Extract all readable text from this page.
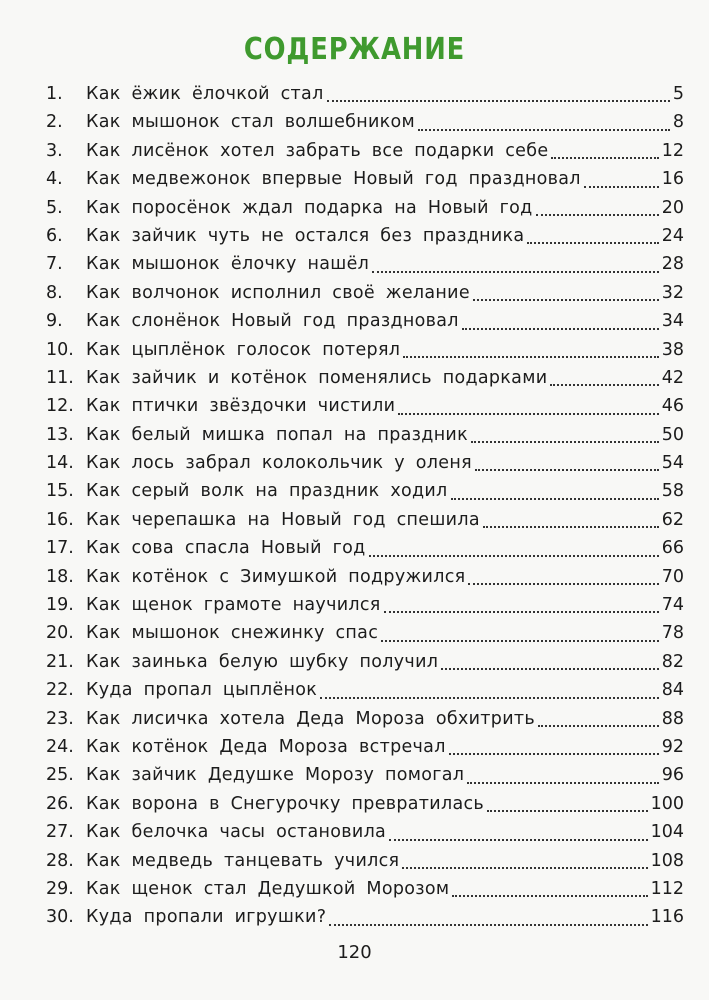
СОДЕРЖАНИЕ
1.	Как ёжик ёлочкой стал	5
2.	Как мышонок стал волшебником	8
3.	Как лисёнок хотел забрать все подарки себе	12
4.	Как медвежонок впервые Новый год праздновал	16
5.	Как поросёнок ждал подарка на Новый год	20
6.	Как зайчик чуть не остался без праздника	24
7.	Как мышонок ёлочку нашёл	28
8.	Как волчонок исполнил своё желание	32
9.	Как слонёнок Новый год праздновал	34
10. Как цыплёнок голосок потерял	38
11. Как зайчик и котёнок поменялись подарками	42
12. Как птички звёздочки чистили	46
13. Как белый мишка попал на праздник	50
14. Как лось забрал колокольчик у оленя	54
15. Как серый волк на праздник ходил	58
16. Как черепашка на Новый год спешила	62
17. Как сова спасла Новый год	66
18. Как котёнок с Зимушкой подружился	70
19. Как щенок грамоте научился	74
20. Как мышонок снежинку спас	78
21. Как заинька белую шубку получил	82
22. Куда пропал цыплёнок	84
23. Как лисичка хотела Деда Мороза обхитрить	88
24. Как котёнок Деда Мороза встречал	92
25. Как зайчик Дедушке Морозу помогал	96
26. Как ворона в Снегурочку превратилась	100
27. Как белочка часы остановила	104
28. Как медведь танцевать учился	108
29. Как щенок стал Дедушкой Морозом	112
30. Куда пропали игрушки?	116
120
